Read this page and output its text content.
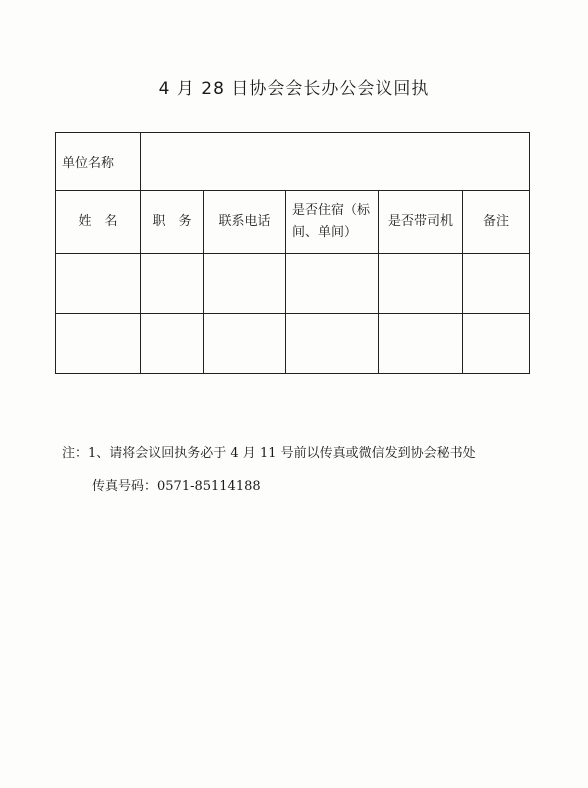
4 月 28 日协会会长办公会议回执
单位名称					
姓　名	职　务	联系电话	是否住宿（标间、单间）	是否带司机	备注

注：1、请将会议回执务必于 4 月 11 号前以传真或微信发到协会秘书处
传真号码：0571-85114188
